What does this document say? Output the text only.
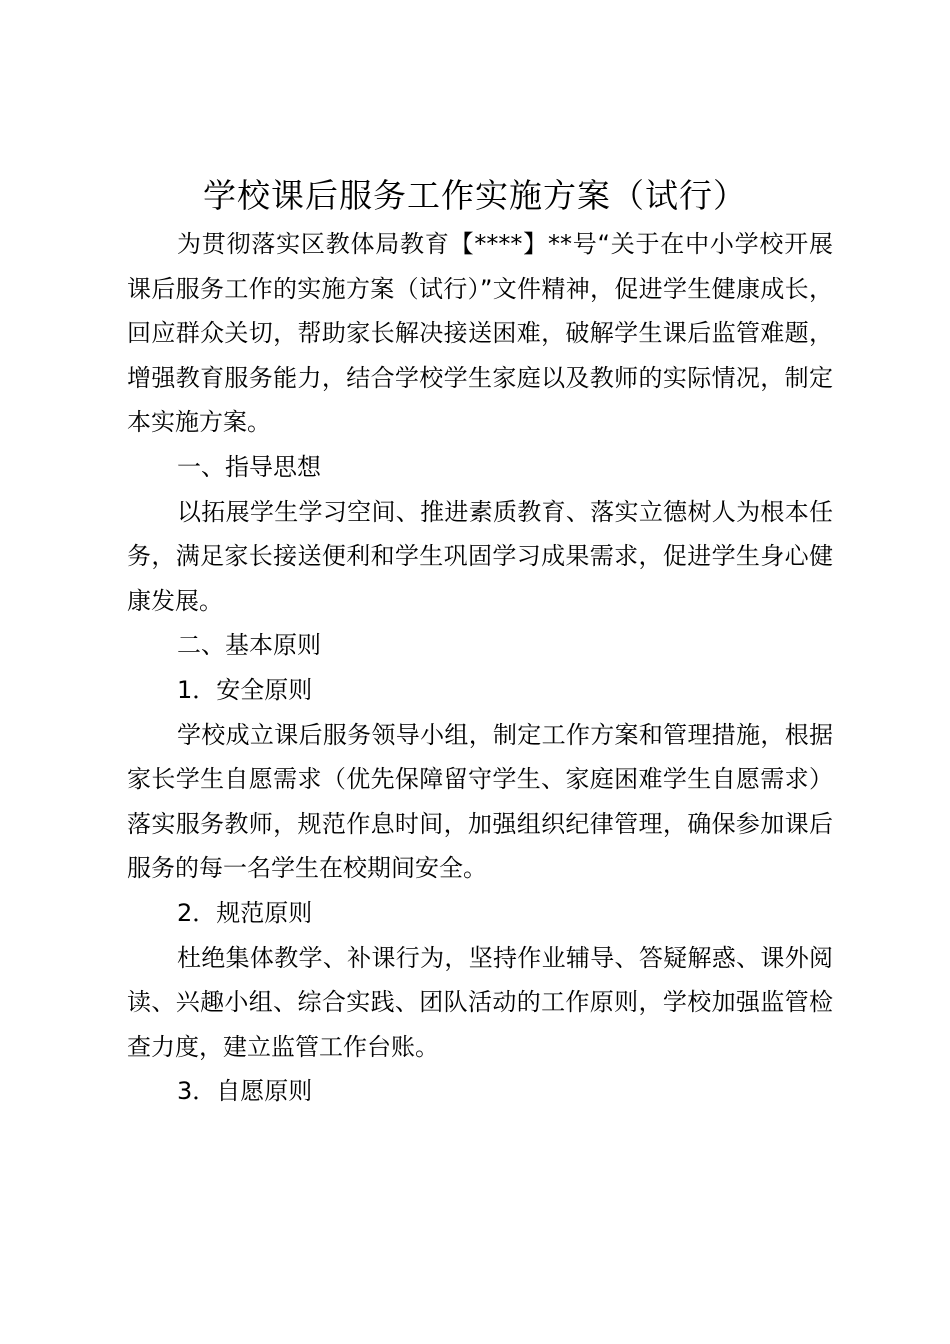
学校课后服务工作实施方案（试行）

为贯彻落实区教体局教育【****】**号“关于在中小学校开展课后服务工作的实施方案（试行）”文件精神，促进学生健康成长，回应群众关切，帮助家长解决接送困难，破解学生课后监管难题，增强教育服务能力，结合学校学生家庭以及教师的实际情况，制定本实施方案。

一、指导思想

以拓展学生学习空间、推进素质教育、落实立德树人为根本任务，满足家长接送便利和学生巩固学习成果需求，促进学生身心健康发展。

二、基本原则

1．安全原则

学校成立课后服务领导小组，制定工作方案和管理措施，根据家长学生自愿需求（优先保障留守学生、家庭困难学生自愿需求）落实服务教师，规范作息时间，加强组织纪律管理，确保参加课后服务的每一名学生在校期间安全。

2．规范原则

杜绝集体教学、补课行为，坚持作业辅导、答疑解惑、课外阅读、兴趣小组、综合实践、团队活动的工作原则，学校加强监管检查力度，建立监管工作台账。

3．自愿原则
